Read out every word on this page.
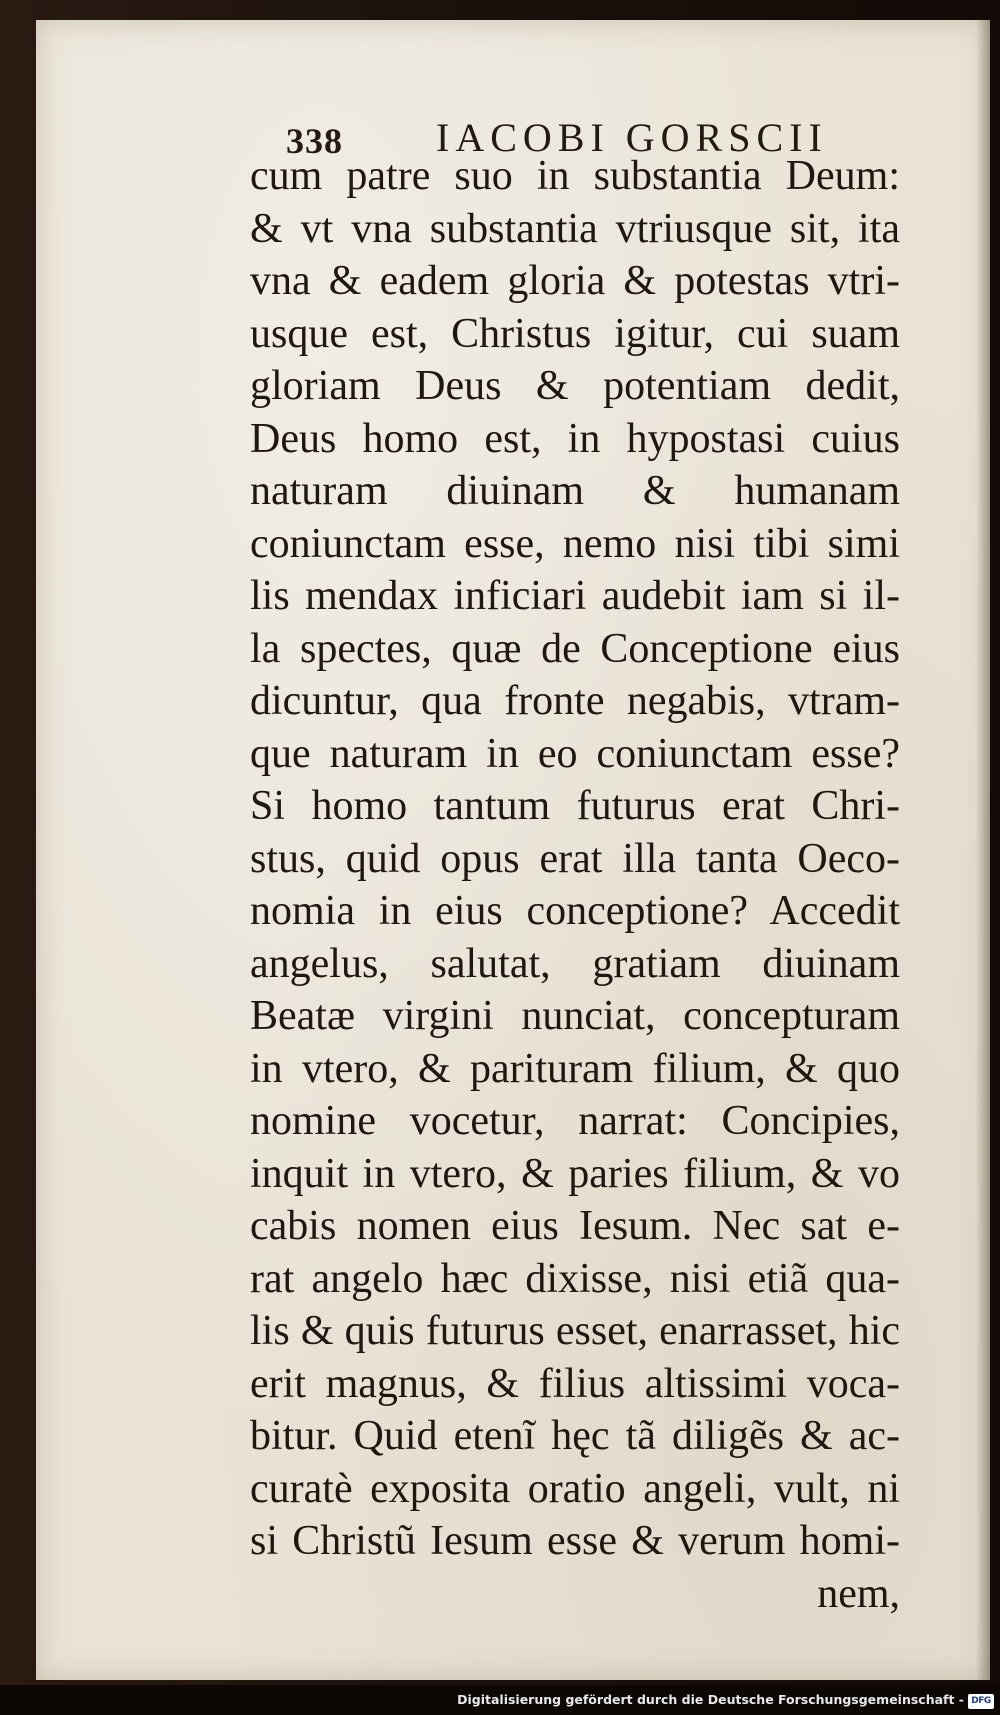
338 IACOBI GORSCII
cum patre suo in substantia Deum:
& vt vna substantia vtriusque sit, ita
vna & eadem gloria & potestas vtri-
usque est, Christus igitur, cui suam
gloriam Deus & potentiam dedit,
Deus homo est, in hypostasi cuius
naturam diuinam & humanam
coniunctam esse, nemo nisi tibi simi
lis mendax inficiari audebit iam si il-
la spectes, quæ de Conceptione eius
dicuntur, qua fronte negabis, vtram-
que naturam in eo coniunctam esse?
Si homo tantum futurus erat Chri-
stus, quid opus erat illa tanta Oeco-
nomia in eius conceptione? Accedit
angelus, salutat, gratiam diuinam
Beatæ virgini nunciat, concepturam
in vtero, & parituram filium, & quo
nomine vocetur, narrat: Concipies,
inquit in vtero, & paries filium, & vo
cabis nomen eius Iesum. Nec sat e-
rat angelo hæc dixisse, nisi etiã qua-
lis & quis futurus esset, enarrasset, hic
erit magnus, & filius altissimi voca-
bitur. Quid etenĩ hęc tã diligẽs & ac-
curatè exposita oratio angeli, vult, ni
si Christũ Iesum esse & verum homi-
nem,
Digitalisierung gefördert durch die Deutsche Forschungsgemeinschaft - DFG
